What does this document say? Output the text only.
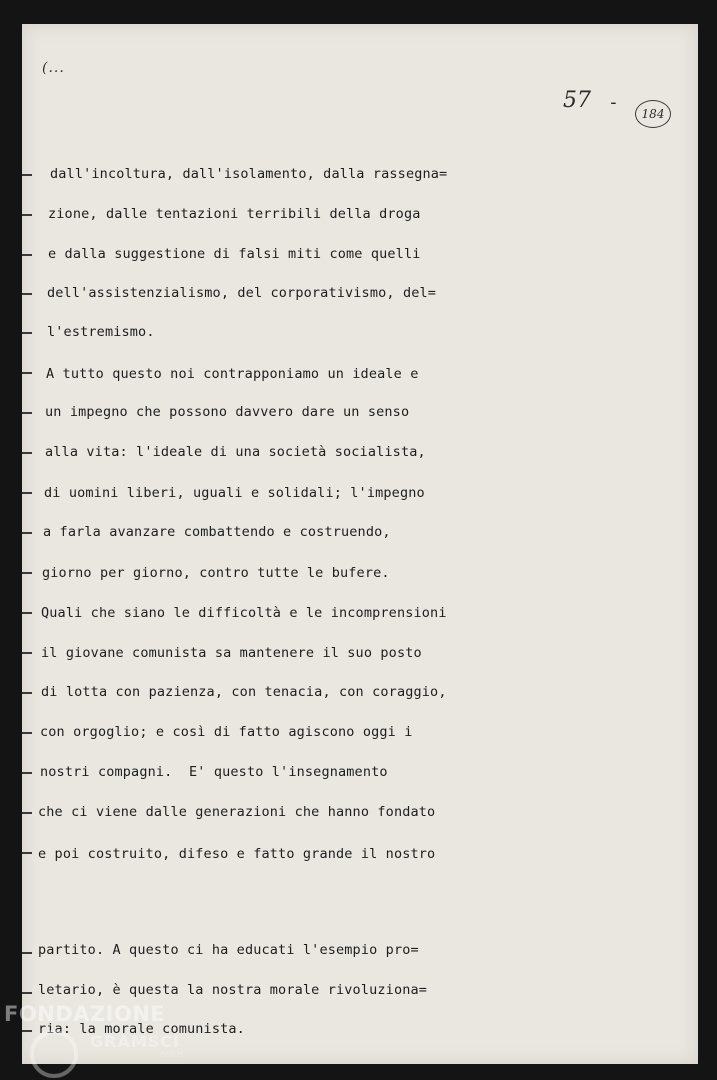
(...
57 -
184
dall'incoltura, dall'isolamento, dalla rassegna=
zione, dalle tentazioni terribili della droga
e dalla suggestione di falsi miti come quelli
dell'assistenzialismo, del corporativismo, del=
l'estremismo.
A tutto questo noi contrapponiamo un ideale e
un impegno che possono davvero dare un senso
alla vita: l'ideale di una società socialista,
di uomini liberi, uguali e solidali; l'impegno
a farla avanzare combattendo e costruendo,
giorno per giorno, contro tutte le bufere.
Quali che siano le difficoltà e le incomprensioni
il giovane comunista sa mantenere il suo posto
di lotta con pazienza, con tenacia, con coraggio,
con orgoglio; e così di fatto agiscono oggi i
nostri compagni.  E' questo l'insegnamento
che ci viene dalle generazioni che hanno fondato
e poi costruito, difeso e fatto grande il nostro
partito. A questo ci ha educati l'esempio pro=
letario, è questa la nostra morale rivoluziona=
ria: la morale comunista.
FONDAZIONE
GRAMSCI
onlus
